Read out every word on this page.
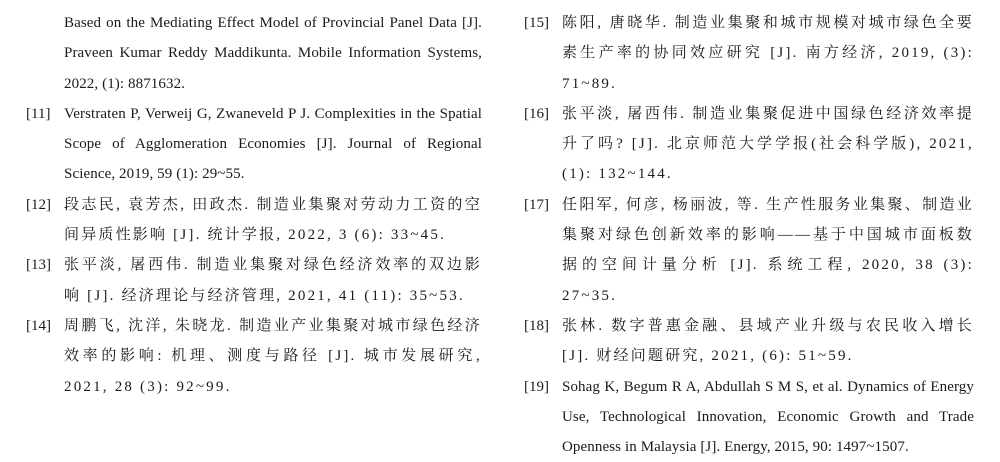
Based on the Mediating Effect Model of Provincial Panel Data [J]. Praveen Kumar Reddy Maddikunta. Mobile Information Systems, 2022, (1): 8871632.
[11] Verstraten P, Verweij G, Zwaneveld P J. Complexities in the Spatial Scope of Agglomeration Economies [J]. Journal of Regional Science, 2019, 59 (1): 29~55.
[12] 段志民, 袁芳杰, 田政杰. 制造业集聚对劳动力工资的空间异质性影响 [J]. 统计学报, 2022, 3 (6): 33~45.
[13] 张平淡, 屠西伟. 制造业集聚对绿色经济效率的双边影响 [J]. 经济理论与经济管理, 2021, 41 (11): 35~53.
[14] 周鹏飞, 沈洋, 朱晓龙. 制造业产业集聚对城市绿色经济效率的影响: 机理、测度与路径 [J]. 城市发展研究, 2021, 28 (3): 92~99.
[15] 陈阳, 唐晓华. 制造业集聚和城市规模对城市绿色全要素生产率的协同效应研究 [J]. 南方经济, 2019, (3): 71~89.
[16] 张平淡, 屠西伟. 制造业集聚促进中国绿色经济效率提升了吗? [J]. 北京师范大学学报(社会科学版), 2021, (1): 132~144.
[17] 任阳军, 何彦, 杨丽波, 等. 生产性服务业集聚、制造业集聚对绿色创新效率的影响——基于中国城市面板数据的空间计量分析 [J]. 系统工程, 2020, 38 (3): 27~35.
[18] 张林. 数字普惠金融、县域产业升级与农民收入增长 [J]. 财经问题研究, 2021, (6): 51~59.
[19] Sohag K, Begum R A, Abdullah S M S, et al. Dynamics of Energy Use, Technological Innovation, Economic Growth and Trade Openness in Malaysia [J]. Energy, 2015, 90: 1497~1507.
